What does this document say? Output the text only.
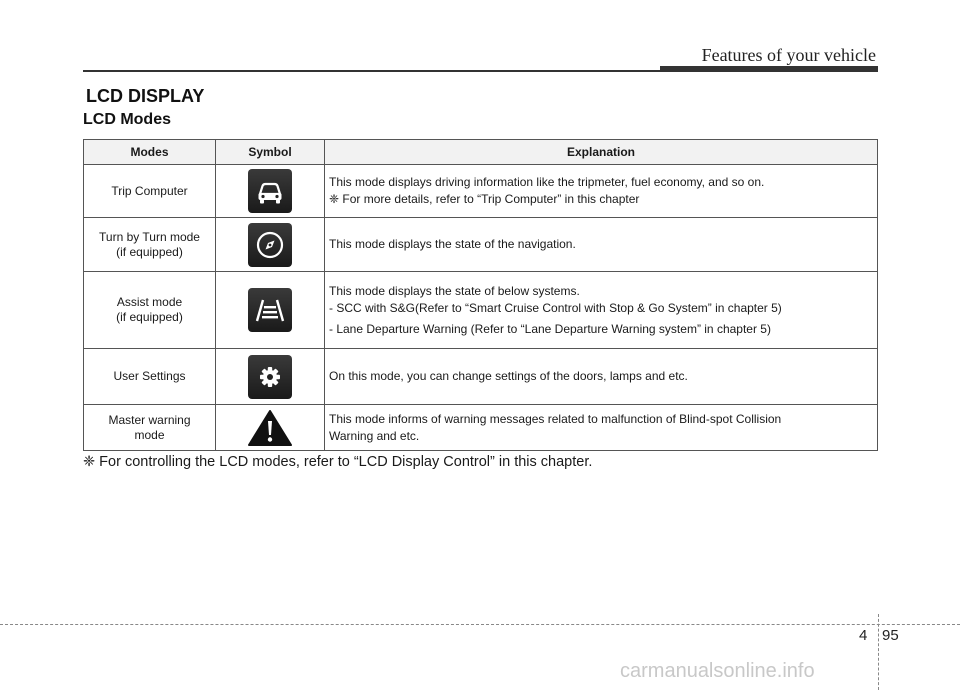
Features of your vehicle
LCD DISPLAY
LCD Modes
Modes	Symbol	Explanation

Trip Computer		This mode displays driving information like the tripmeter, fuel economy, and so on.
❈ For more details, refer to “Trip Computer” in this chapter

Turn by Turn mode
(if equipped)		This mode displays the state of the navigation.

Assist mode
(if equipped)		This mode displays the state of below systems.
- SCC with S&G(Refer to “Smart Cruise Control with Stop & Go System” in chapter 5)
- Lane Departure Warning (Refer to “Lane Departure Warning system” in chapter 5)

User Settings		On this mode, you can change settings of the doors, lamps and etc.

Master warning
mode		This mode informs of warning messages related to malfunction of Blind-spot Collision
Warning and etc.
❈ For controlling the LCD modes, refer to “LCD Display Control” in this chapter.
4 95
carmanualsonline.info
